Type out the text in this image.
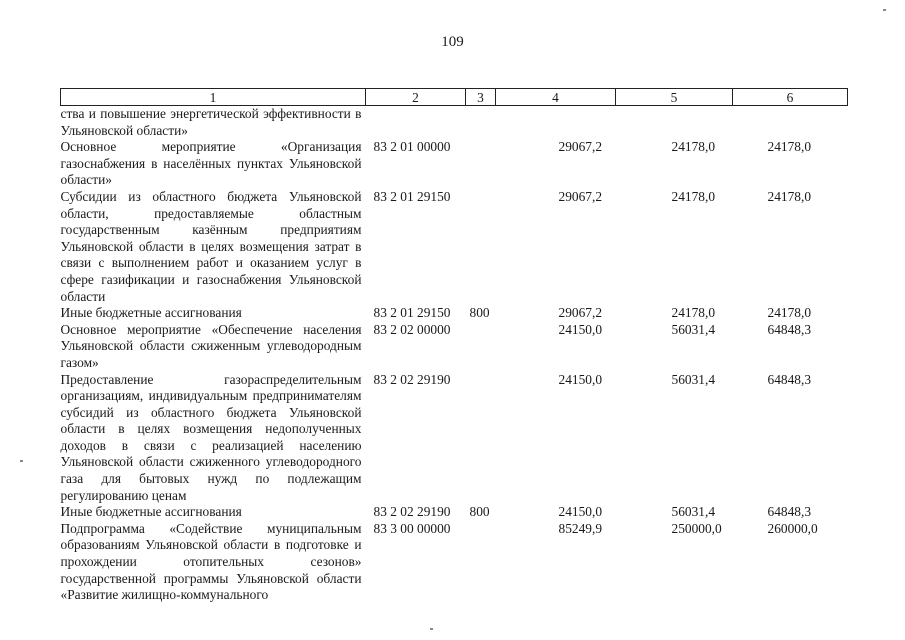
109
1	2	3	4	5	6
ства и повышение энергетической эффективности в Ульяновской области»					
Основное мероприятие «Организация газоснабжения в населённых пунктах Ульяновской области»	83 2 01 00000		29067,2	24178,0	24178,0
Субсидии из областного бюджета Ульяновской области, предоставляемые областным государственным казённым предприятиям Ульяновской области в целях возмещения затрат в связи с выполнением работ и оказанием услуг в сфере газификации и газоснабжения Ульяновской области	83 2 01 29150		29067,2	24178,0	24178,0
Иные бюджетные ассигнования	83 2 01 29150	800	29067,2	24178,0	24178,0
Основное мероприятие «Обеспечение населения Ульяновской области сжиженным углеводородным газом»	83 2 02 00000		24150,0	56031,4	64848,3
Предоставление газораспределительным организациям, индивидуальным предпринимателям субсидий из областного бюджета Ульяновской области в целях возмещения недополученных доходов в связи с реализацией населению Ульяновской области сжиженного углеводородного газа для бытовых нужд по подлежащим регулированию ценам	83 2 02 29190		24150,0	56031,4	64848,3
Иные бюджетные ассигнования	83 2 02 29190	800	24150,0	56031,4	64848,3
Подпрограмма «Содействие муниципальным образованиям Ульяновской области в подготовке и прохождении отопительных сезонов» государственной программы Ульяновской области «Развитие жилищно-коммунального	83 3 00 00000		85249,9	250000,0	260000,0
